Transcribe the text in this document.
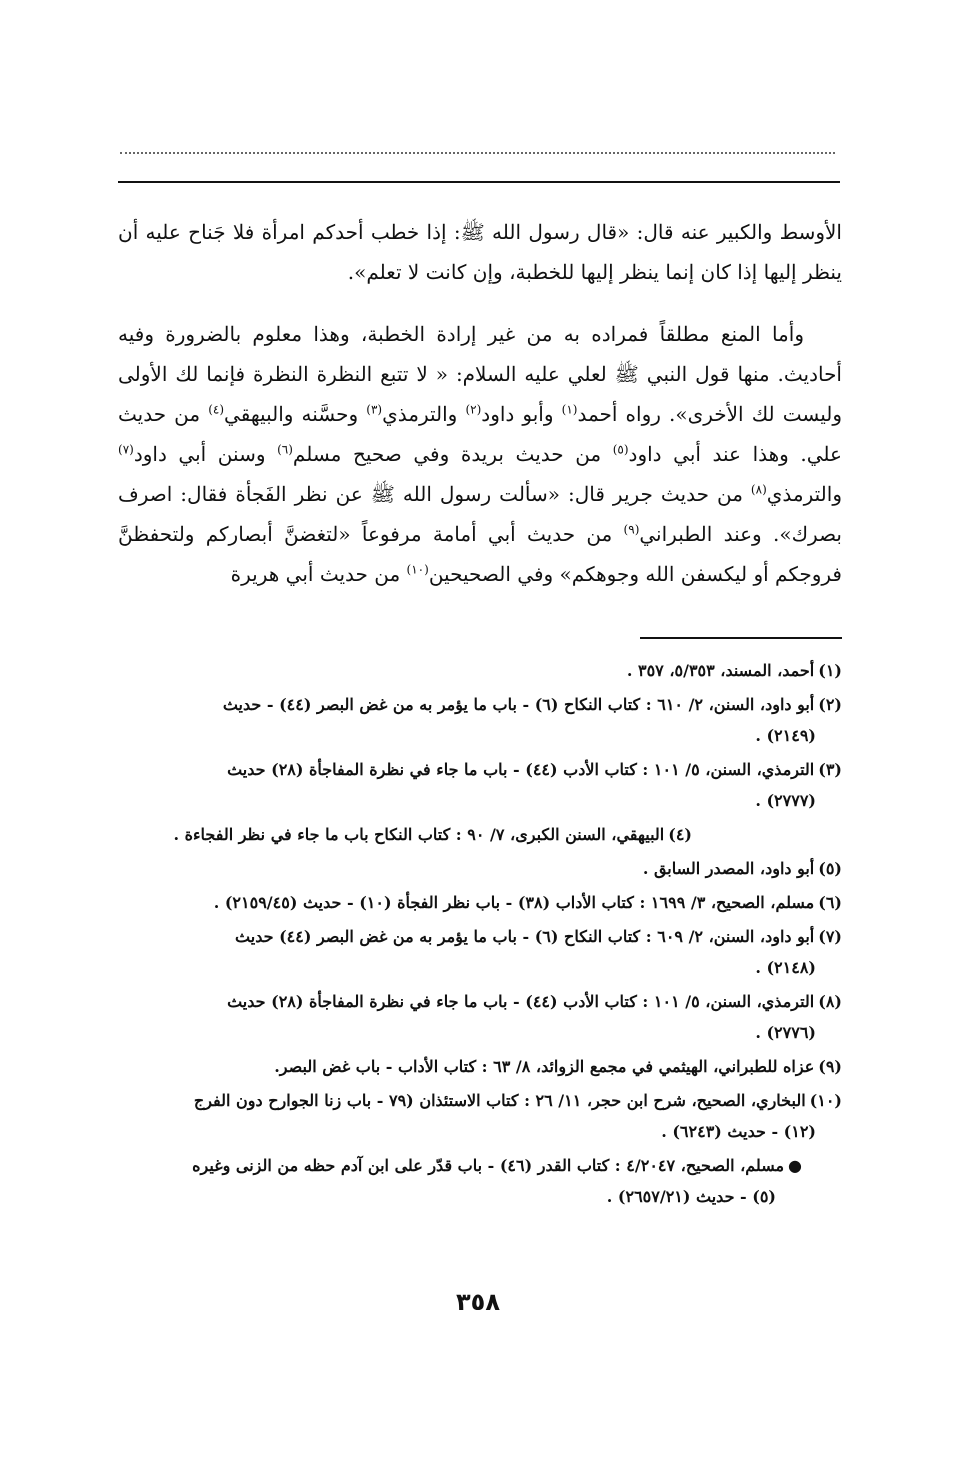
الأوسط والكبير عنه قال: «قال رسول الله ﷺ: إذا خطب أحدكم امرأة فلا جَناح عليه أن ينظر إليها إذا كان إنما ينظر إليها للخطبة، وإن كانت لا تعلم».

وأما المنع مطلقاً فمراده به من غير إرادة الخطبة، وهذا معلوم بالضرورة وفيه أحاديث. منها قول النبي ﷺ لعلي عليه السلام: « لا تتبع النظرة النظرة فإنما لك الأولى وليست لك الأخرى». رواه أحمد$^{(١)}$ وأبو داود$^{(٢)}$ والترمذي$^{(٣)}$ وحسَّنه والبيهقي$^{(٤)}$ من حديث علي. وهذا عند أبي داود$^{(٥)}$ من حديث بريدة وفي صحيح مسلم$^{(٦)}$ وسنن أبي داود$^{(٧)}$ والترمذي$^{(٨)}$ من حديث جرير قال: «سألت رسول الله ﷺ عن نظر الفَجأة فقال: اصرف بصرك». وعند الطبراني$^{(٩)}$ من حديث أبي أمامة مرفوعاً «لتغضنَّ أبصاركم ولتحفظنَّ فروجكم أو ليكسفن الله وجوهكم» وفي الصحيحين$^{(١٠)}$ من حديث أبي هريرة

(١)أحمد، المسند، ٥/٣٥٣، ٣٥٧ .

(٢)أبو داود، السنن، ٢/ ٦١٠ : كتاب النكاح (٦) - باب ما يؤمر به من غض البصر (٤٤) - حديث
(٢١٤٩) .

(٣)الترمذي، السنن، ٥/ ١٠١ : كتاب الأدب (٤٤) - باب ما جاء في نظرة المفاجأة (٢٨) حديث
(٢٧٧٧) .

(٤)البيهقي، السنن الكبرى، ٧/ ٩٠ : كتاب النكاح باب ما جاء في نظر الفجاءة .

(٥)أبو داود، المصدر السابق .

(٦)مسلم، الصحيح، ٣/ ١٦٩٩ : كتاب الأداب (٣٨) - باب نظر الفجأة (١٠) - حديث (٢١٥٩/٤٥) .

(٧)أبو داود، السنن، ٢/ ٦٠٩ : كتاب النكاح (٦) - باب ما يؤمر به من غض البصر (٤٤) حديث
(٢١٤٨) .

(٨)الترمذي، السنن، ٥/ ١٠١ : كتاب الأدب (٤٤) - باب ما جاء في نظرة المفاجأة (٢٨) حديث
(٢٧٧٦) .

(٩)عزاه للطبراني، الهيثمي في مجمع الزوائد، ٨/ ٦٣ : كتاب الأداب - باب غض البصر.

(١٠)البخاري، الصحيح، شرح ابن حجر، ١١/ ٢٦ : كتاب الاستئذان (٧٩ - باب زنا الجوارح دون الفرج
(١٢) - حديث (٦٢٤٣) .

●مسلم، الصحيح، ٤/٢٠٤٧ : كتاب القدر (٤٦) - باب قدّر على ابن آدم حظه من الزنى وغيره
(٥) - حديث (٢٦٥٧/٢١) .

٣٥٨
